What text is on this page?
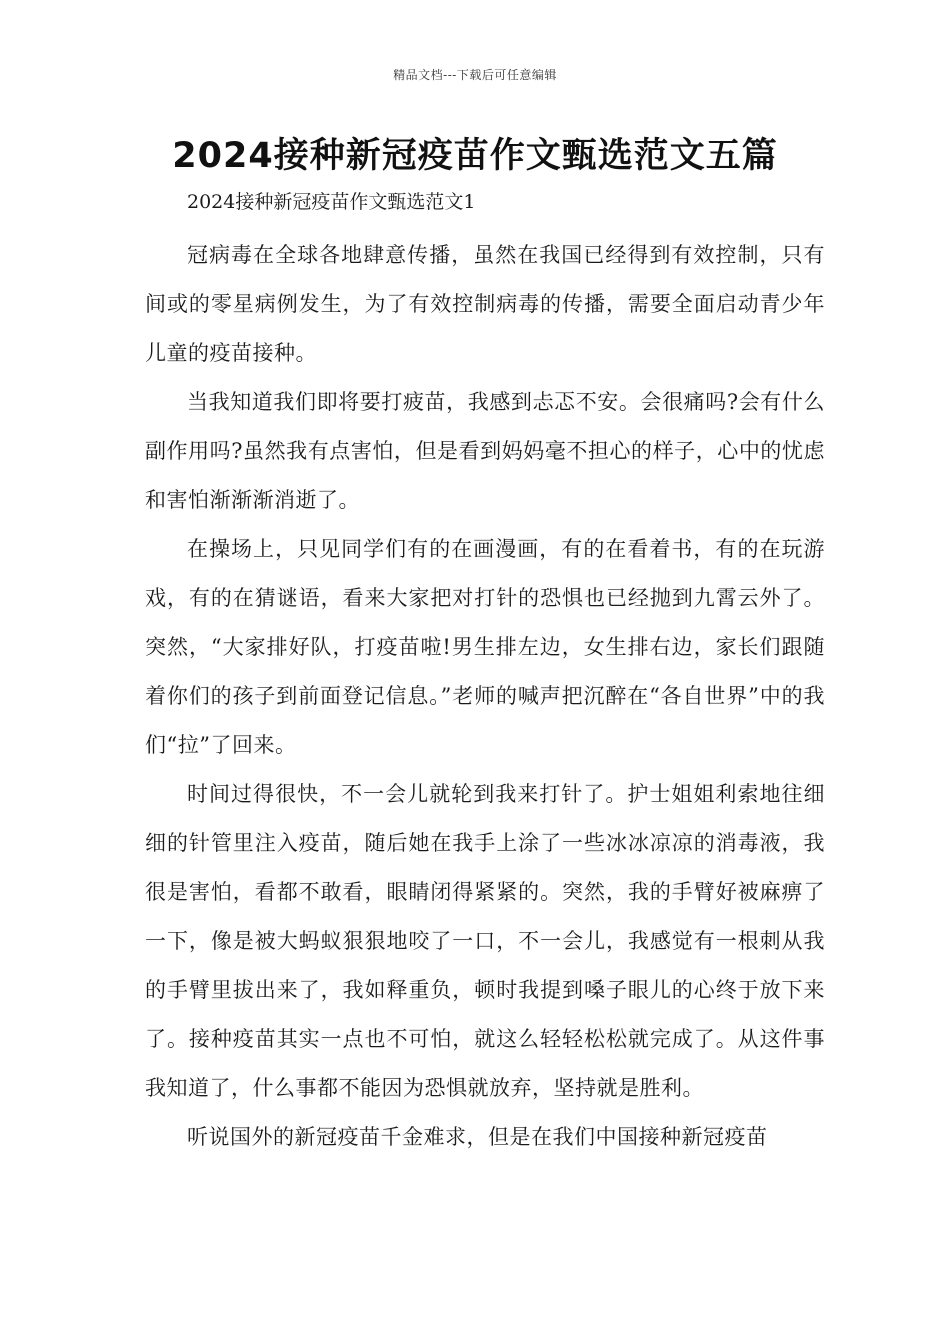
精品文档---下载后可任意编辑
2024接种新冠疫苗作文甄选范文五篇
2024接种新冠疫苗作文甄选范文1

冠病毒在全球各地肆意传播，虽然在我国已经得到有效控制，只有间或的零星病例发生，为了有效控制病毒的传播，需要全面启动青少年儿童的疫苗接种。

当我知道我们即将要打疲苗，我感到忐忑不安。会很痛吗?会有什么副作用吗?虽然我有点害怕，但是看到妈妈毫不担心的样子，心中的忧虑和害怕渐渐渐消逝了。

在操场上，只见同学们有的在画漫画，有的在看着书，有的在玩游戏，有的在猜谜语，看来大家把对打针的恐惧也已经抛到九霄云外了。突然，“大家排好队，打疫苗啦!男生排左边，女生排右边，家长们跟随着你们的孩子到前面登记信息。”老师的喊声把沉醉在“各自世界”中的我们“拉”了回来。

时间过得很快，不一会儿就轮到我来打针了。护士姐姐利索地往细细的针管里注入疫苗，随后她在我手上涂了一些冰冰凉凉的消毒液，我很是害怕，看都不敢看，眼睛闭得紧紧的。突然，我的手臂好被麻痹了一下，像是被大蚂蚁狠狠地咬了一口，不一会儿，我感觉有一根刺从我的手臂里拔出来了，我如释重负，顿时我提到嗓子眼儿的心终于放下来了。接种疫苗其实一点也不可怕，就这么轻轻松松就完成了。从这件事我知道了，什么事都不能因为恐惧就放弃，坚持就是胜利。

听说国外的新冠疫苗千金难求，但是在我们中国接种新冠疫苗
